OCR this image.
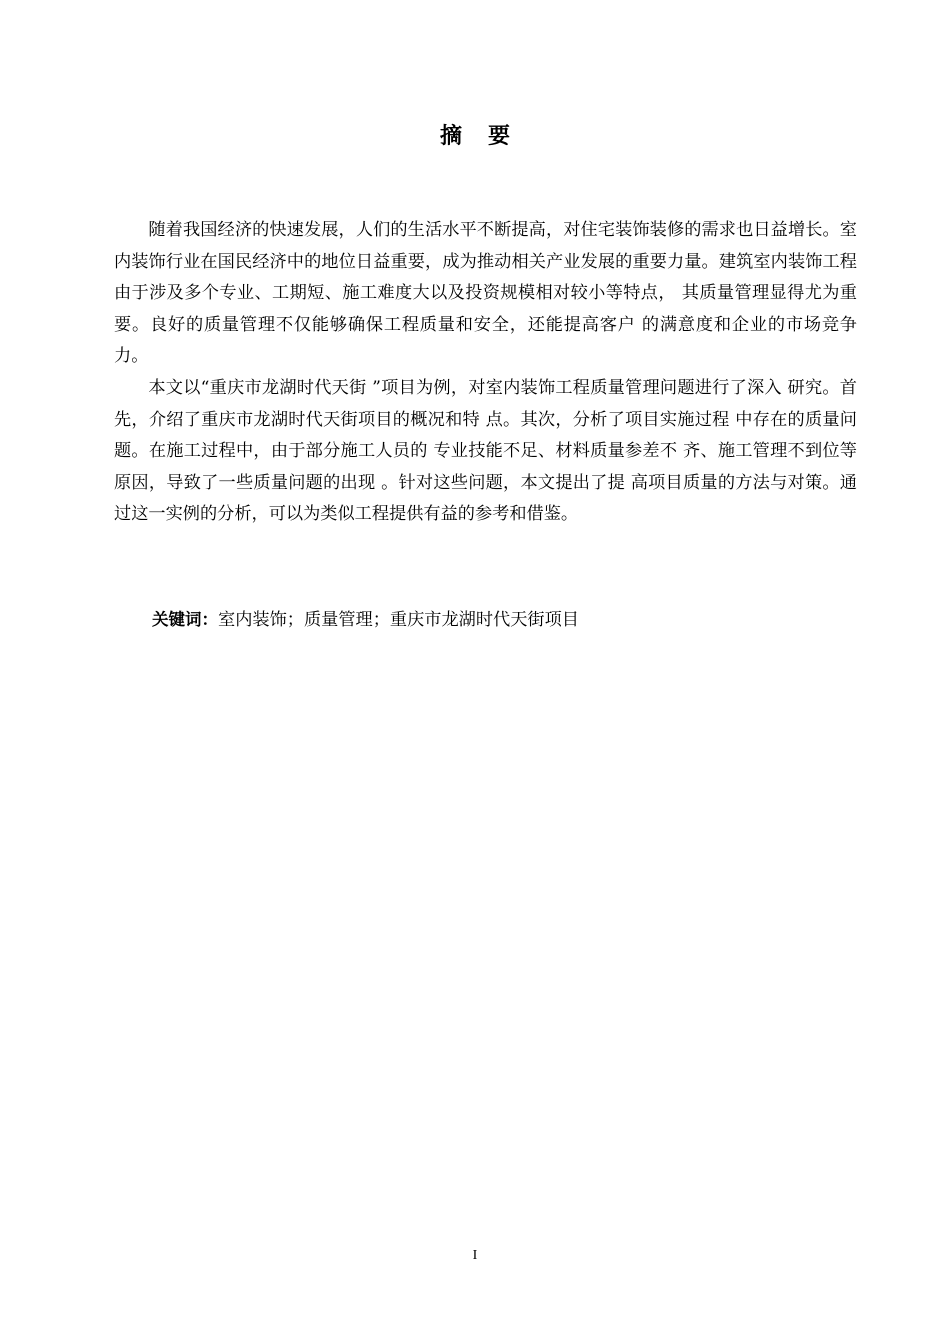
摘要

随着我国经济的快速发展，人们的生活水平不断提高，对住宅装饰装修的需求也日益增长。室内装饰行业在国民经济中的地位日益重要，成为推动相关产业发展的重要力量。建筑室内装饰工程由于涉及多个专业、工期短、施工难度大以及投资规模相对较小等特点， 其质量管理显得尤为重要。良好的质量管理不仅能够确保工程质量和安全，还能提高客户 的满意度和企业的市场竞争力。

本文以“重庆市龙湖时代天街 ”项目为例，对室内装饰工程质量管理问题进行了深入 研究。首先，介绍了重庆市龙湖时代天街项目的概况和特 点。其次，分析了项目实施过程 中存在的质量问题。在施工过程中，由于部分施工人员的 专业技能不足、材料质量参差不 齐、施工管理不到位等原因，导致了一些质量问题的出现 。针对这些问题，本文提出了提 高项目质量的方法与对策。通过这一实例的分析，可以为类似工程提供有益的参考和借鉴。

关键词：室内装饰；质量管理；重庆市龙湖时代天街项目
I
